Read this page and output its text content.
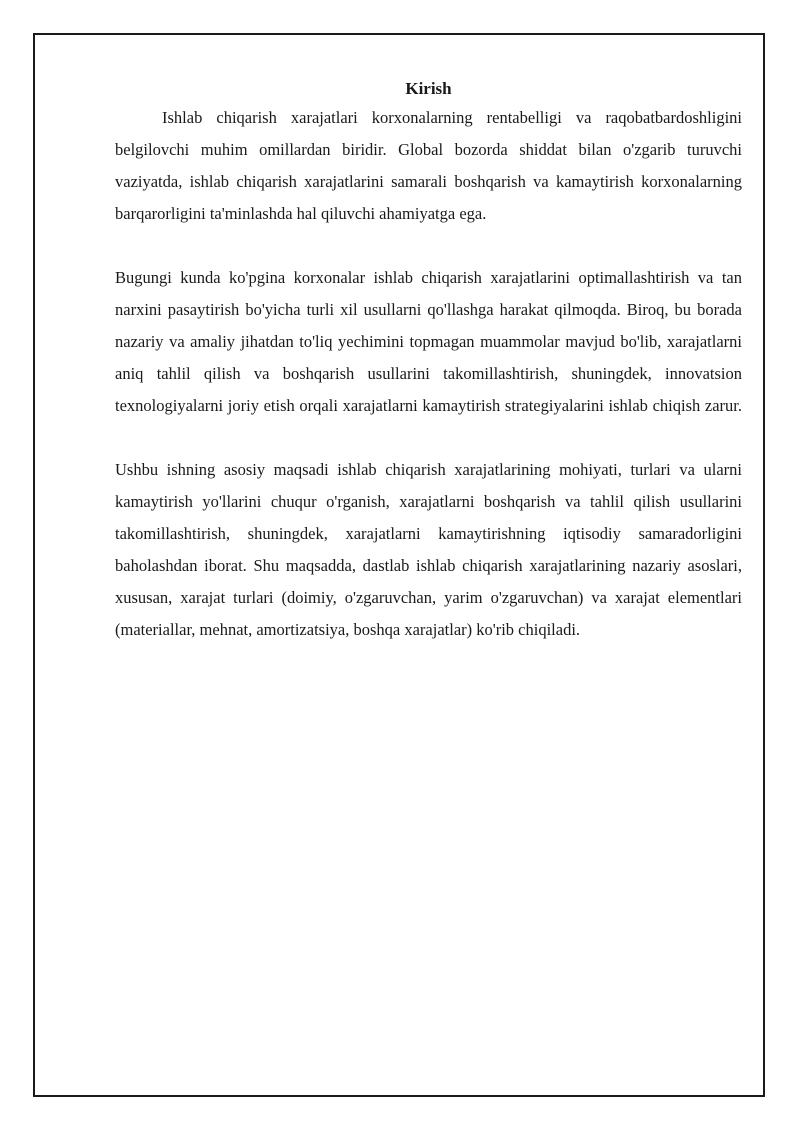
Kirish

Ishlab chiqarish xarajatlari korxonalarning rentabelligi va raqobatbardoshligini belgilovchi muhim omillardan biridir. Global bozorda shiddat bilan o'zgarib turuvchi vaziyatda, ishlab chiqarish xarajatlarini samarali boshqarish va kamaytirish korxonalarning barqarorligini ta'minlashda hal qiluvchi ahamiyatga ega.

Bugungi kunda ko'pgina korxonalar ishlab chiqarish xarajatlarini optimallashtirish va tan narxini pasaytirish bo'yicha turli xil usullarni qo'llashga harakat qilmoqda. Biroq, bu borada nazariy va amaliy jihatdan to'liq yechimini topmagan muammolar mavjud bo'lib, xarajatlarni aniq tahlil qilish va boshqarish usullarini takomillashtirish, shuningdek, innovatsion texnologiyalarni joriy etish orqali xarajatlarni kamaytirish strategiyalarini ishlab chiqish zarur.

Ushbu ishning asosiy maqsadi ishlab chiqarish xarajatlarining mohiyati, turlari va ularni kamaytirish yo'llarini chuqur o'rganish, xarajatlarni boshqarish va tahlil qilish usullarini takomillashtirish, shuningdek, xarajatlarni kamaytirishning iqtisodiy samaradorligini baholashdan iborat. Shu maqsadda, dastlab ishlab chiqarish xarajatlarining nazariy asoslari, xususan, xarajat turlari (doimiy, o'zgaruvchan, yarim o'zgaruvchan) va xarajat elementlari (materiallar, mehnat, amortizatsiya, boshqa xarajatlar) ko'rib chiqiladi.
